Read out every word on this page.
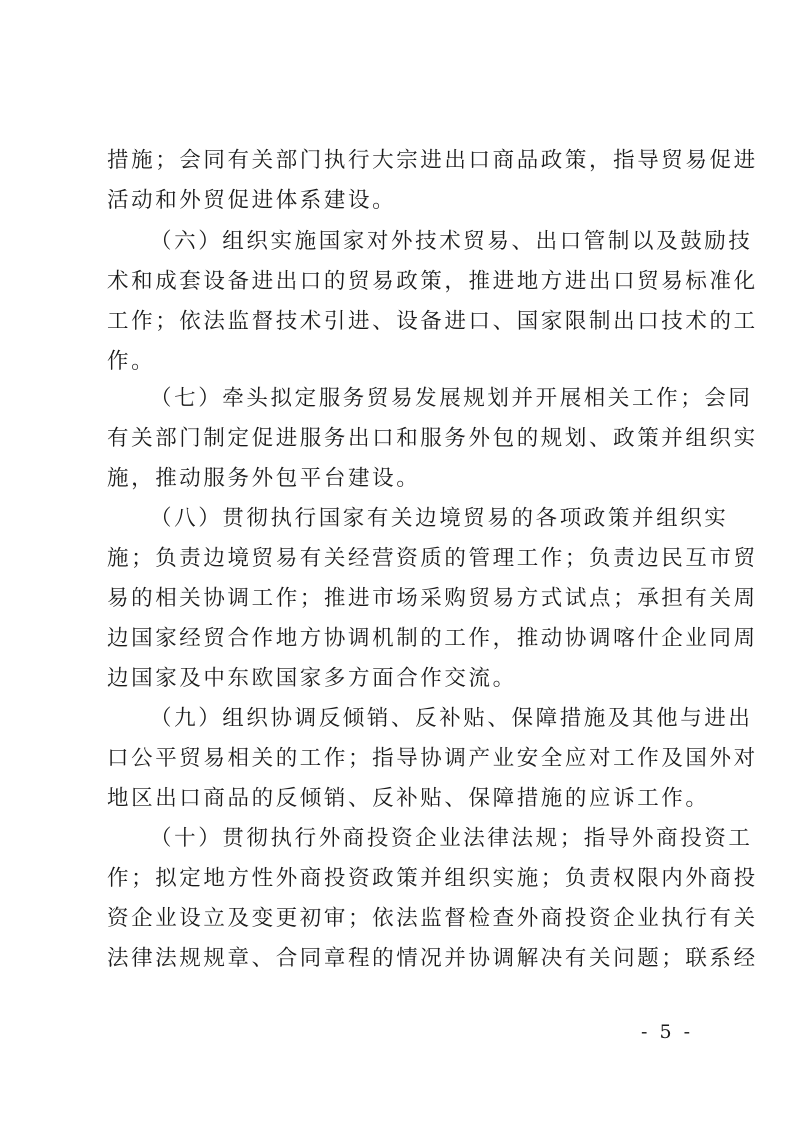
措施；会同有关部门执行大宗进出口商品政策，指导贸易促进
活动和外贸促进体系建设。
（六）组织实施国家对外技术贸易、出口管制以及鼓励技
术和成套设备进出口的贸易政策，推进地方进出口贸易标准化
工作；依法监督技术引进、设备进口、国家限制出口技术的工
作。
（七）牵头拟定服务贸易发展规划并开展相关工作；会同
有关部门制定促进服务出口和服务外包的规划、政策并组织实
施，推动服务外包平台建设。
（八）贯彻执行国家有关边境贸易的各项政策并组织实
施；负责边境贸易有关经营资质的管理工作；负责边民互市贸
易的相关协调工作；推进市场采购贸易方式试点；承担有关周
边国家经贸合作地方协调机制的工作，推动协调喀什企业同周
边国家及中东欧国家多方面合作交流。
（九）组织协调反倾销、反补贴、保障措施及其他与进出
口公平贸易相关的工作；指导协调产业安全应对工作及国外对
地区出口商品的反倾销、反补贴、保障措施的应诉工作。
（十）贯彻执行外商投资企业法律法规；指导外商投资工
作；拟定地方性外商投资政策并组织实施；负责权限内外商投
资企业设立及变更初审；依法监督检查外商投资企业执行有关
法律法规规章、合同章程的情况并协调解决有关问题；联系经
- 5 -
